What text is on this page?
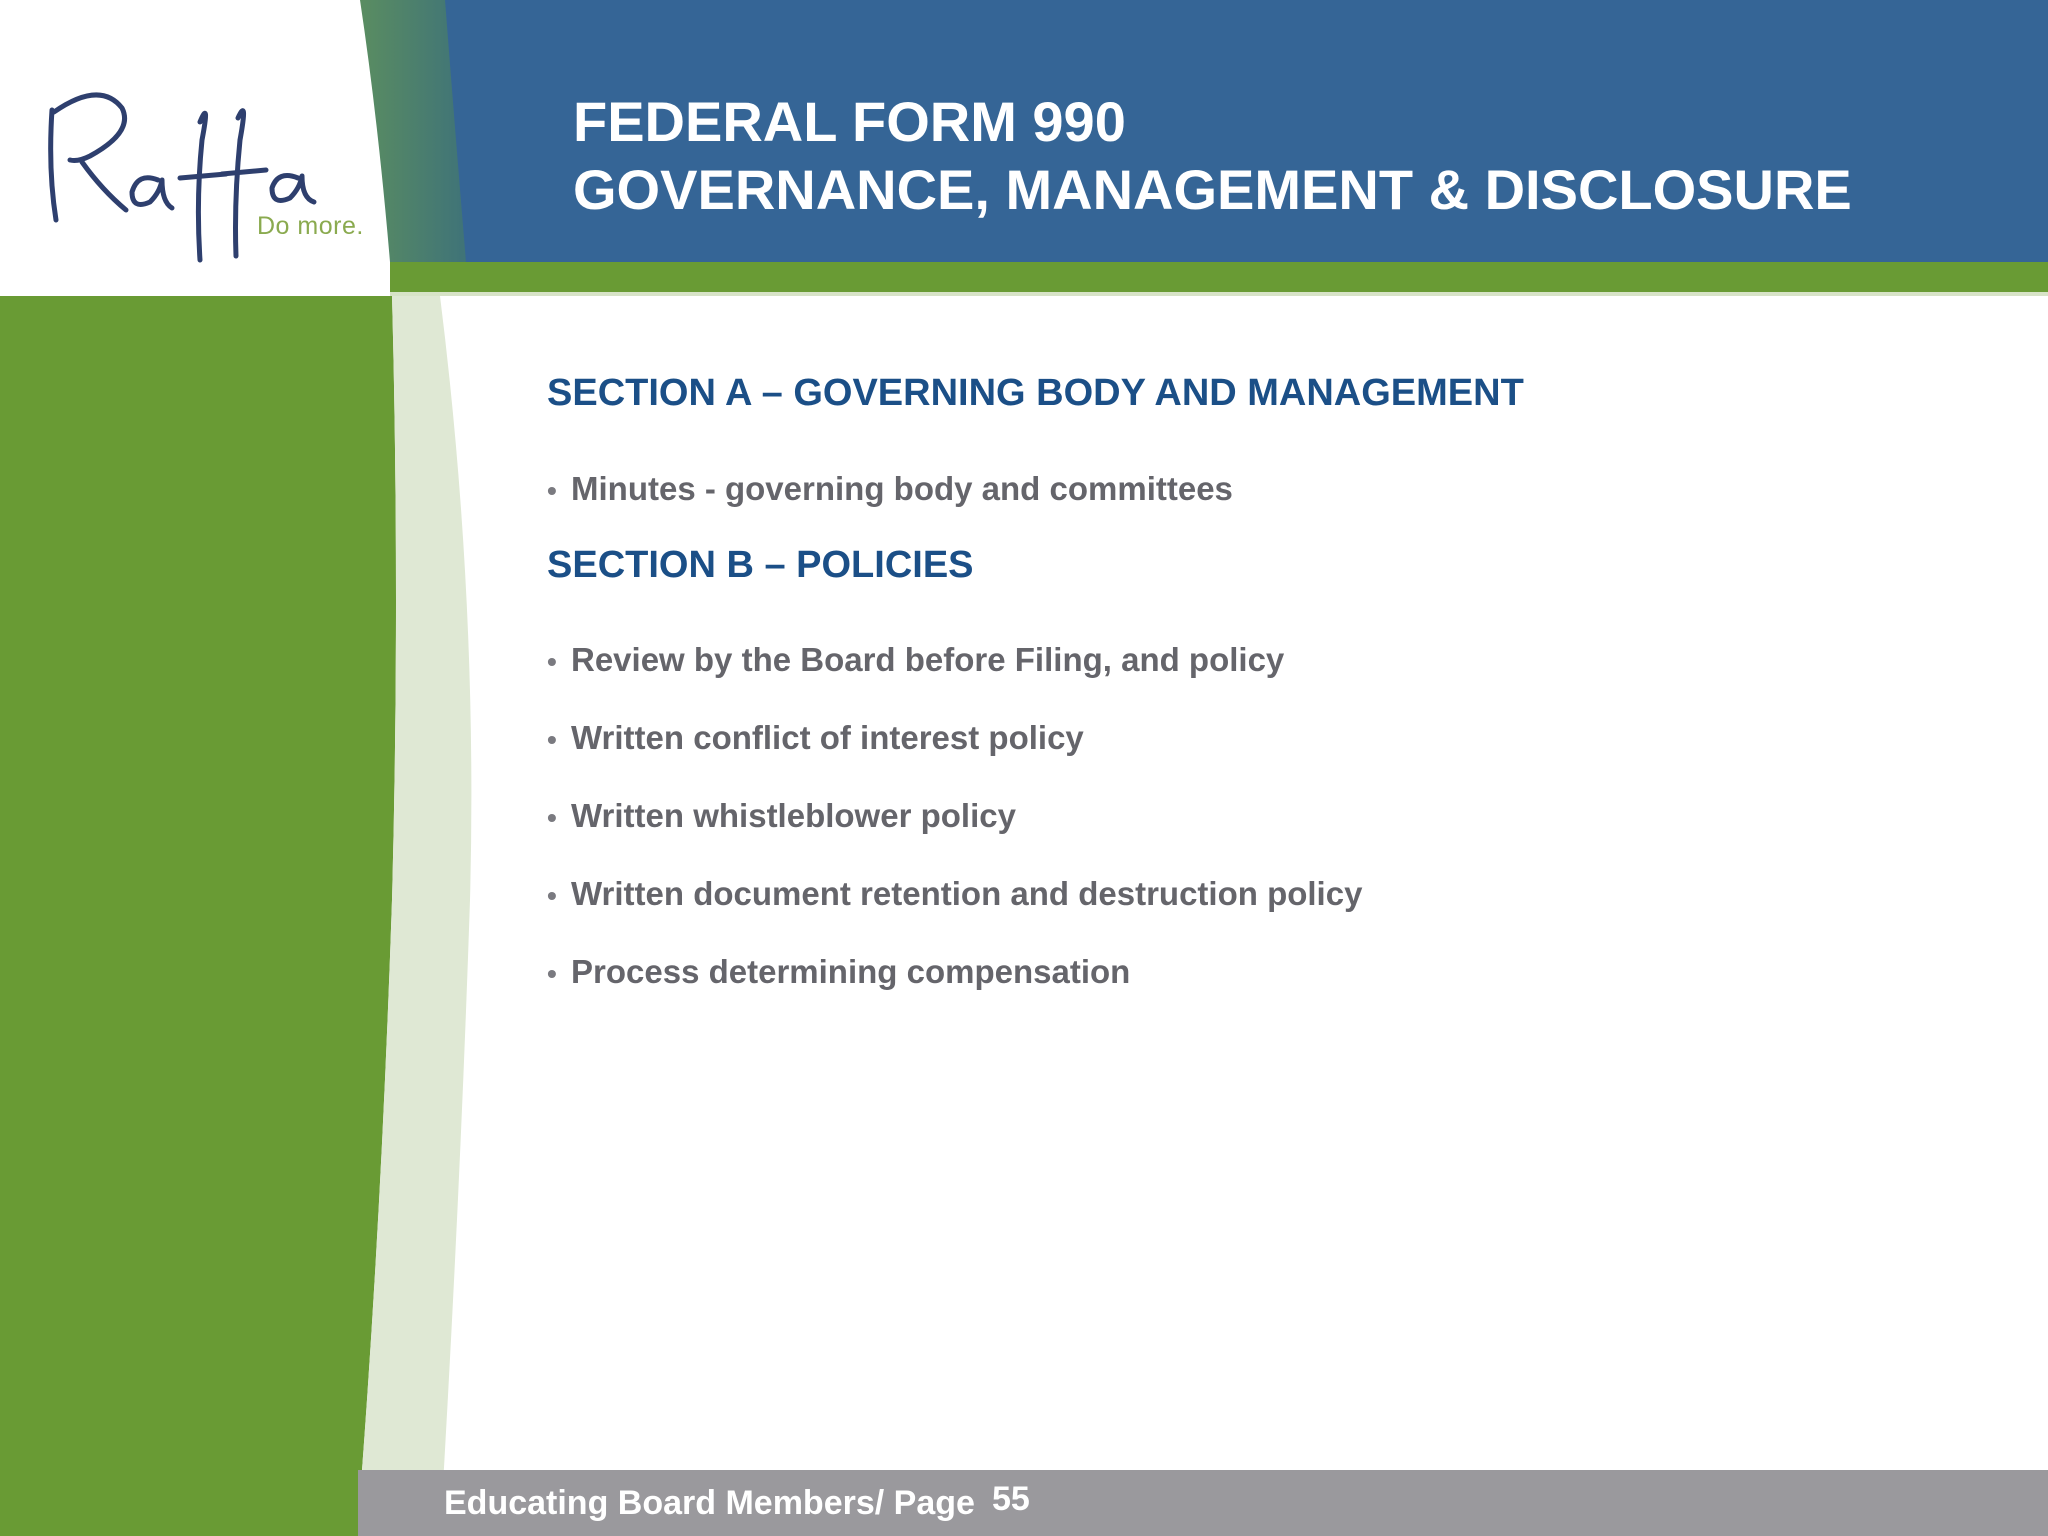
Do more.
FEDERAL FORM 990
GOVERNANCE, MANAGEMENT & DISCLOSURE
SECTION A – GOVERNING BODY AND MANAGEMENT
• Minutes - governing body and committees
SECTION B – POLICIES
• Review by the Board before Filing, and policy
• Written conflict of interest policy
• Written whistleblower policy
• Written document retention and destruction policy
• Process determining compensation
Educating Board Members/ Page 55
